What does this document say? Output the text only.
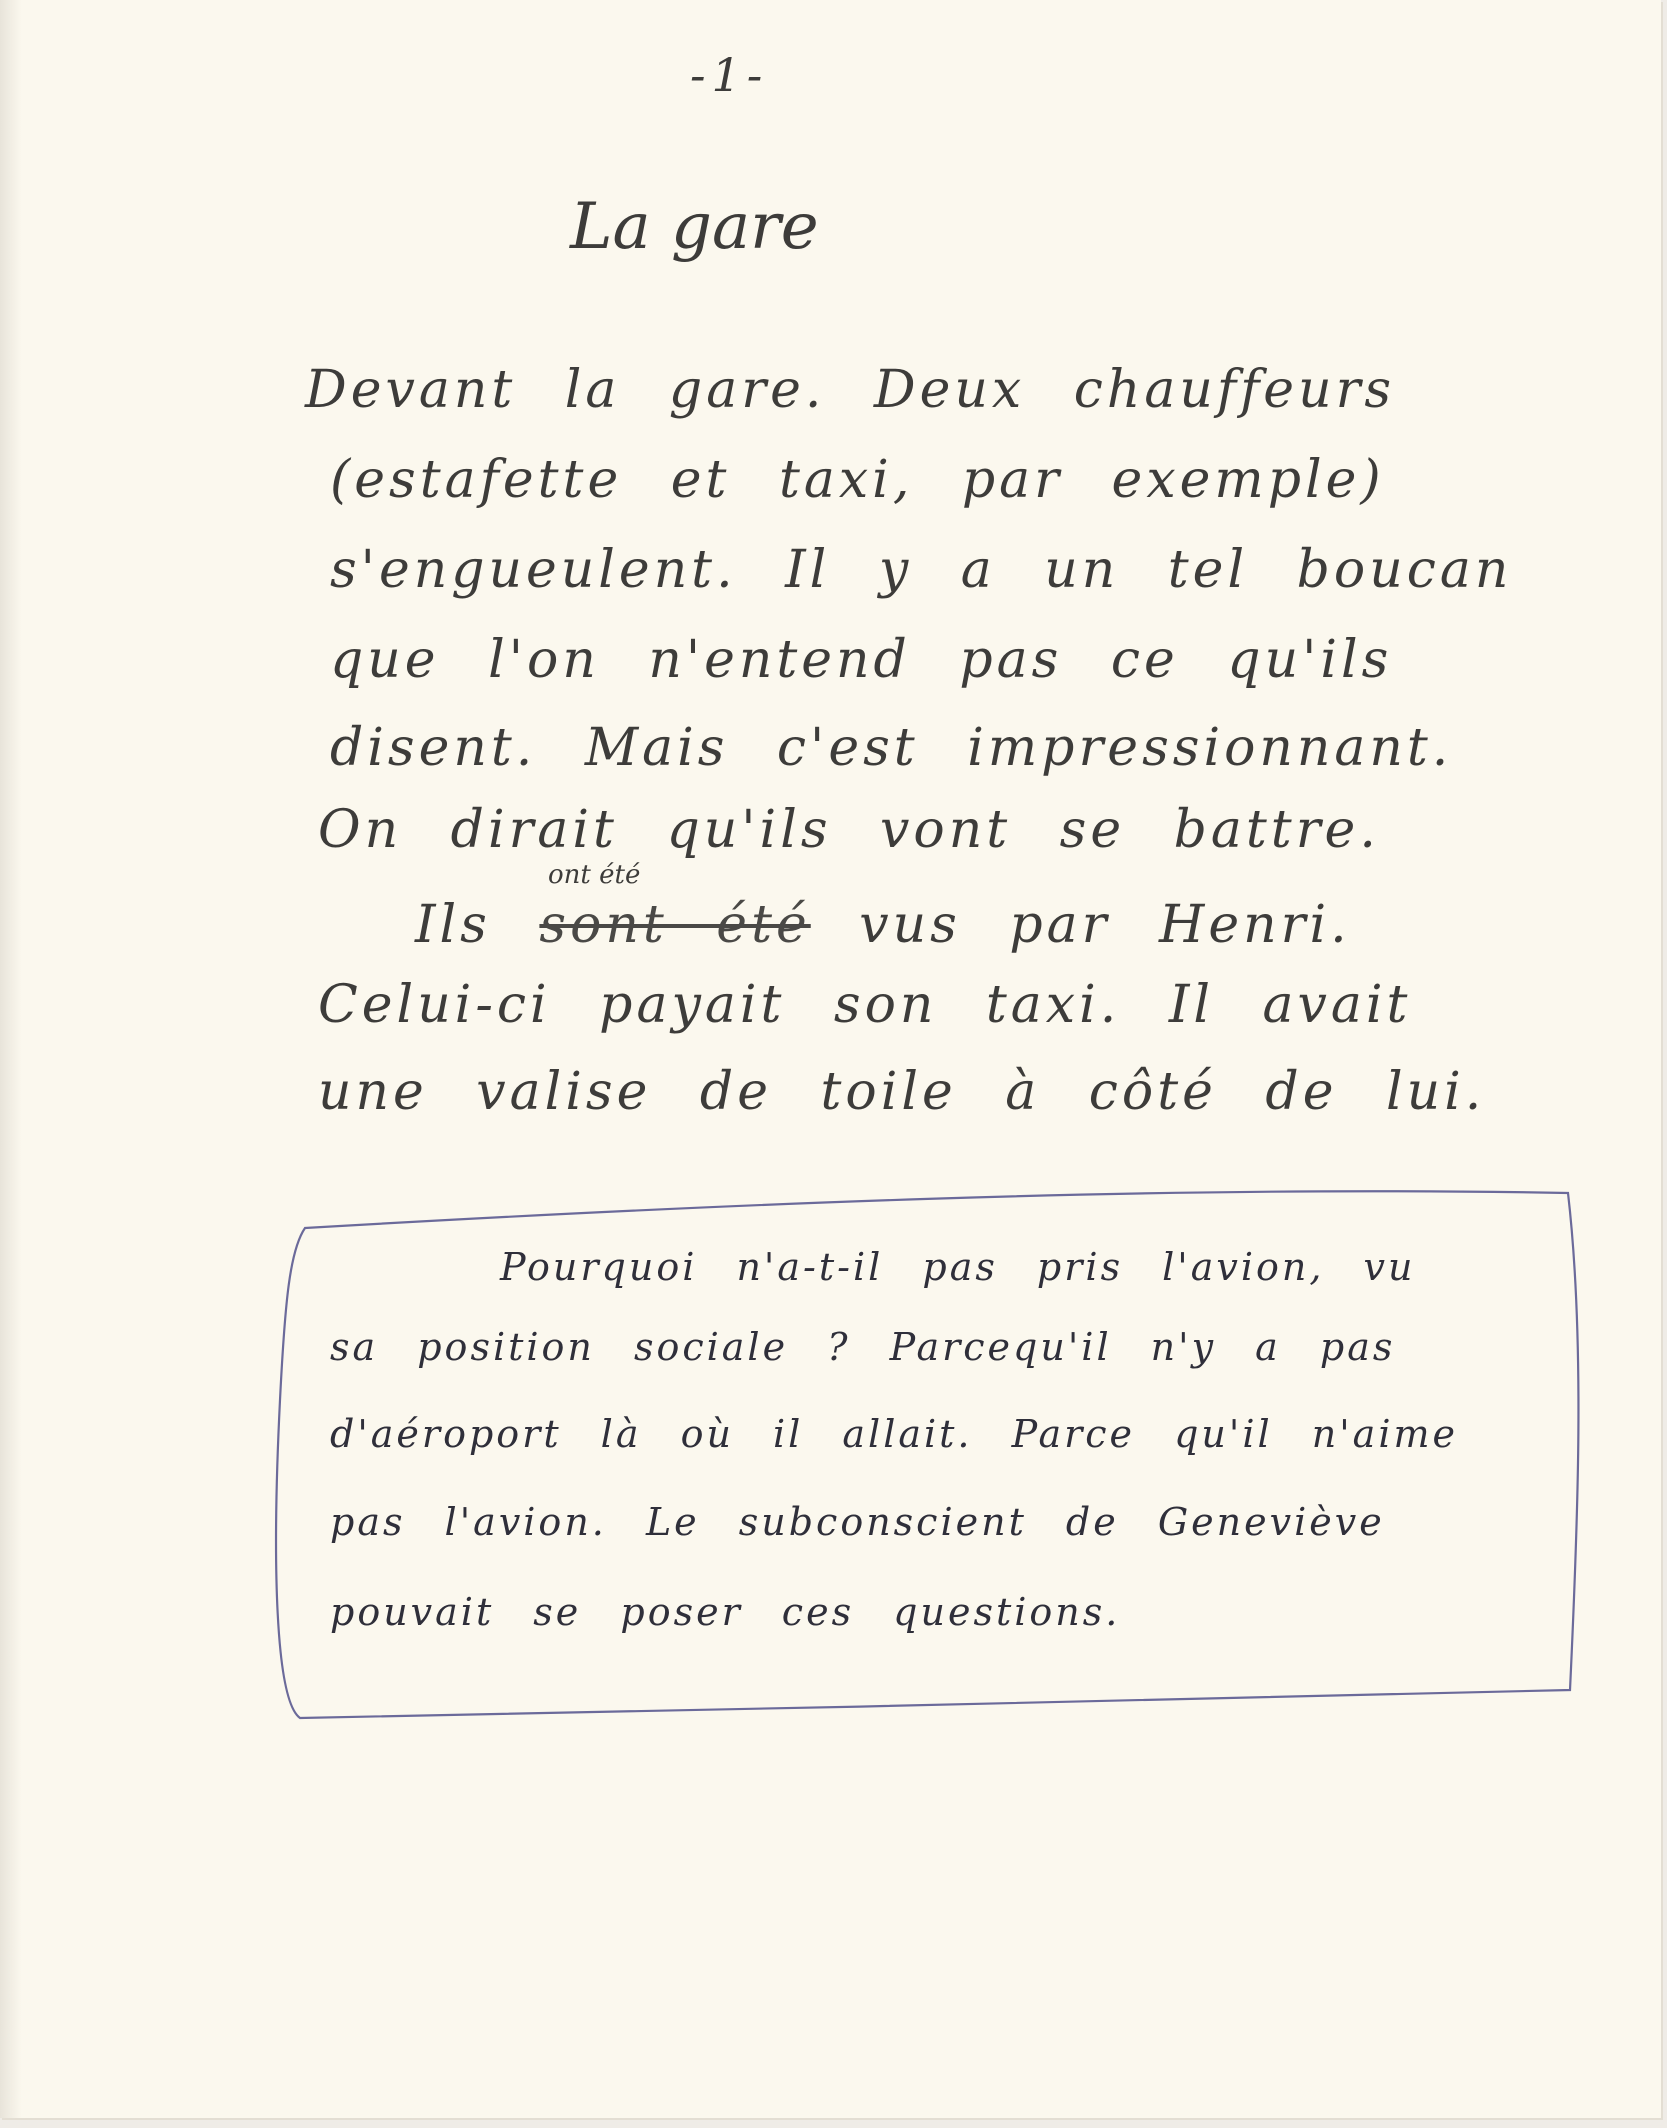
-1-

La gare

Devant la gare. Deux chauffeurs

(estafette et taxi, par exemple)

s'engueulent. Il y a un tel boucan

que l'on n'entend pas ce qu'ils

disent. Mais c'est impressionnant.

On dirait qu'ils vont se battre.

ont été

Ils sont été vus par Henri.

Celui-ci payait son taxi. Il avait

une valise de toile à côté de lui.

Pourquoi n'a-t-il pas pris l'avion, vu

sa position sociale ? Parcequ'il n'y a pas

d'aéroport là où il allait. Parce qu'il n'aime

pas l'avion. Le subconscient de Geneviève

pouvait se poser ces questions.
